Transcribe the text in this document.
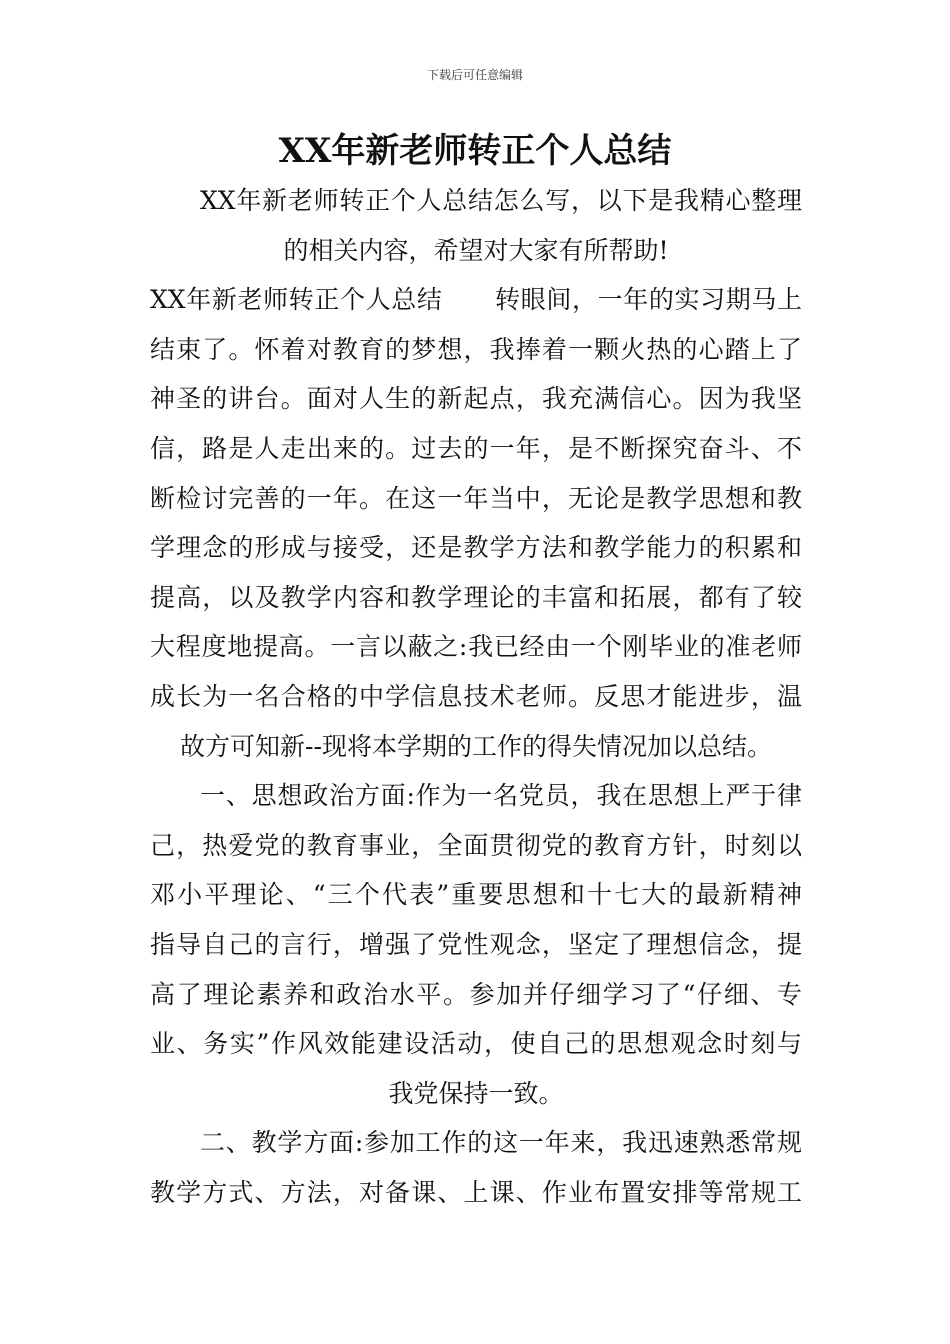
下载后可任意编辑
XX年新老师转正个人总结
XX年新老师转正个人总结怎么写，以下是我精心整理
的相关内容，希望对大家有所帮助!
XX年新老师转正个人总结 转眼间，一年的实习期马上
结束了。怀着对教育的梦想，我捧着一颗火热的心踏上了
神圣的讲台。面对人生的新起点，我充满信心。因为我坚
信，路是人走出来的。过去的一年，是不断探究奋斗、不
断检讨完善的一年。在这一年当中，无论是教学思想和教
学理念的形成与接受，还是教学方法和教学能力的积累和
提高，以及教学内容和教学理论的丰富和拓展，都有了较
大程度地提高。一言以蔽之:我已经由一个刚毕业的准老师
成长为一名合格的中学信息技术老师。反思才能进步，温
故方可知新--现将本学期的工作的得失情况加以总结。
一、思想政治方面:作为一名党员，我在思想上严于律
己，热爱党的教育事业，全面贯彻党的教育方针，时刻以
邓小平理论、“三个代表”重要思想和十七大的最新精神
指导自己的言行，增强了党性观念，坚定了理想信念，提
高了理论素养和政治水平。参加并仔细学习了“仔细、专
业、务实”作风效能建设活动，使自己的思想观念时刻与
我党保持一致。
二、教学方面:参加工作的这一年来，我迅速熟悉常规
教学方式、方法，对备课、上课、作业布置安排等常规工
